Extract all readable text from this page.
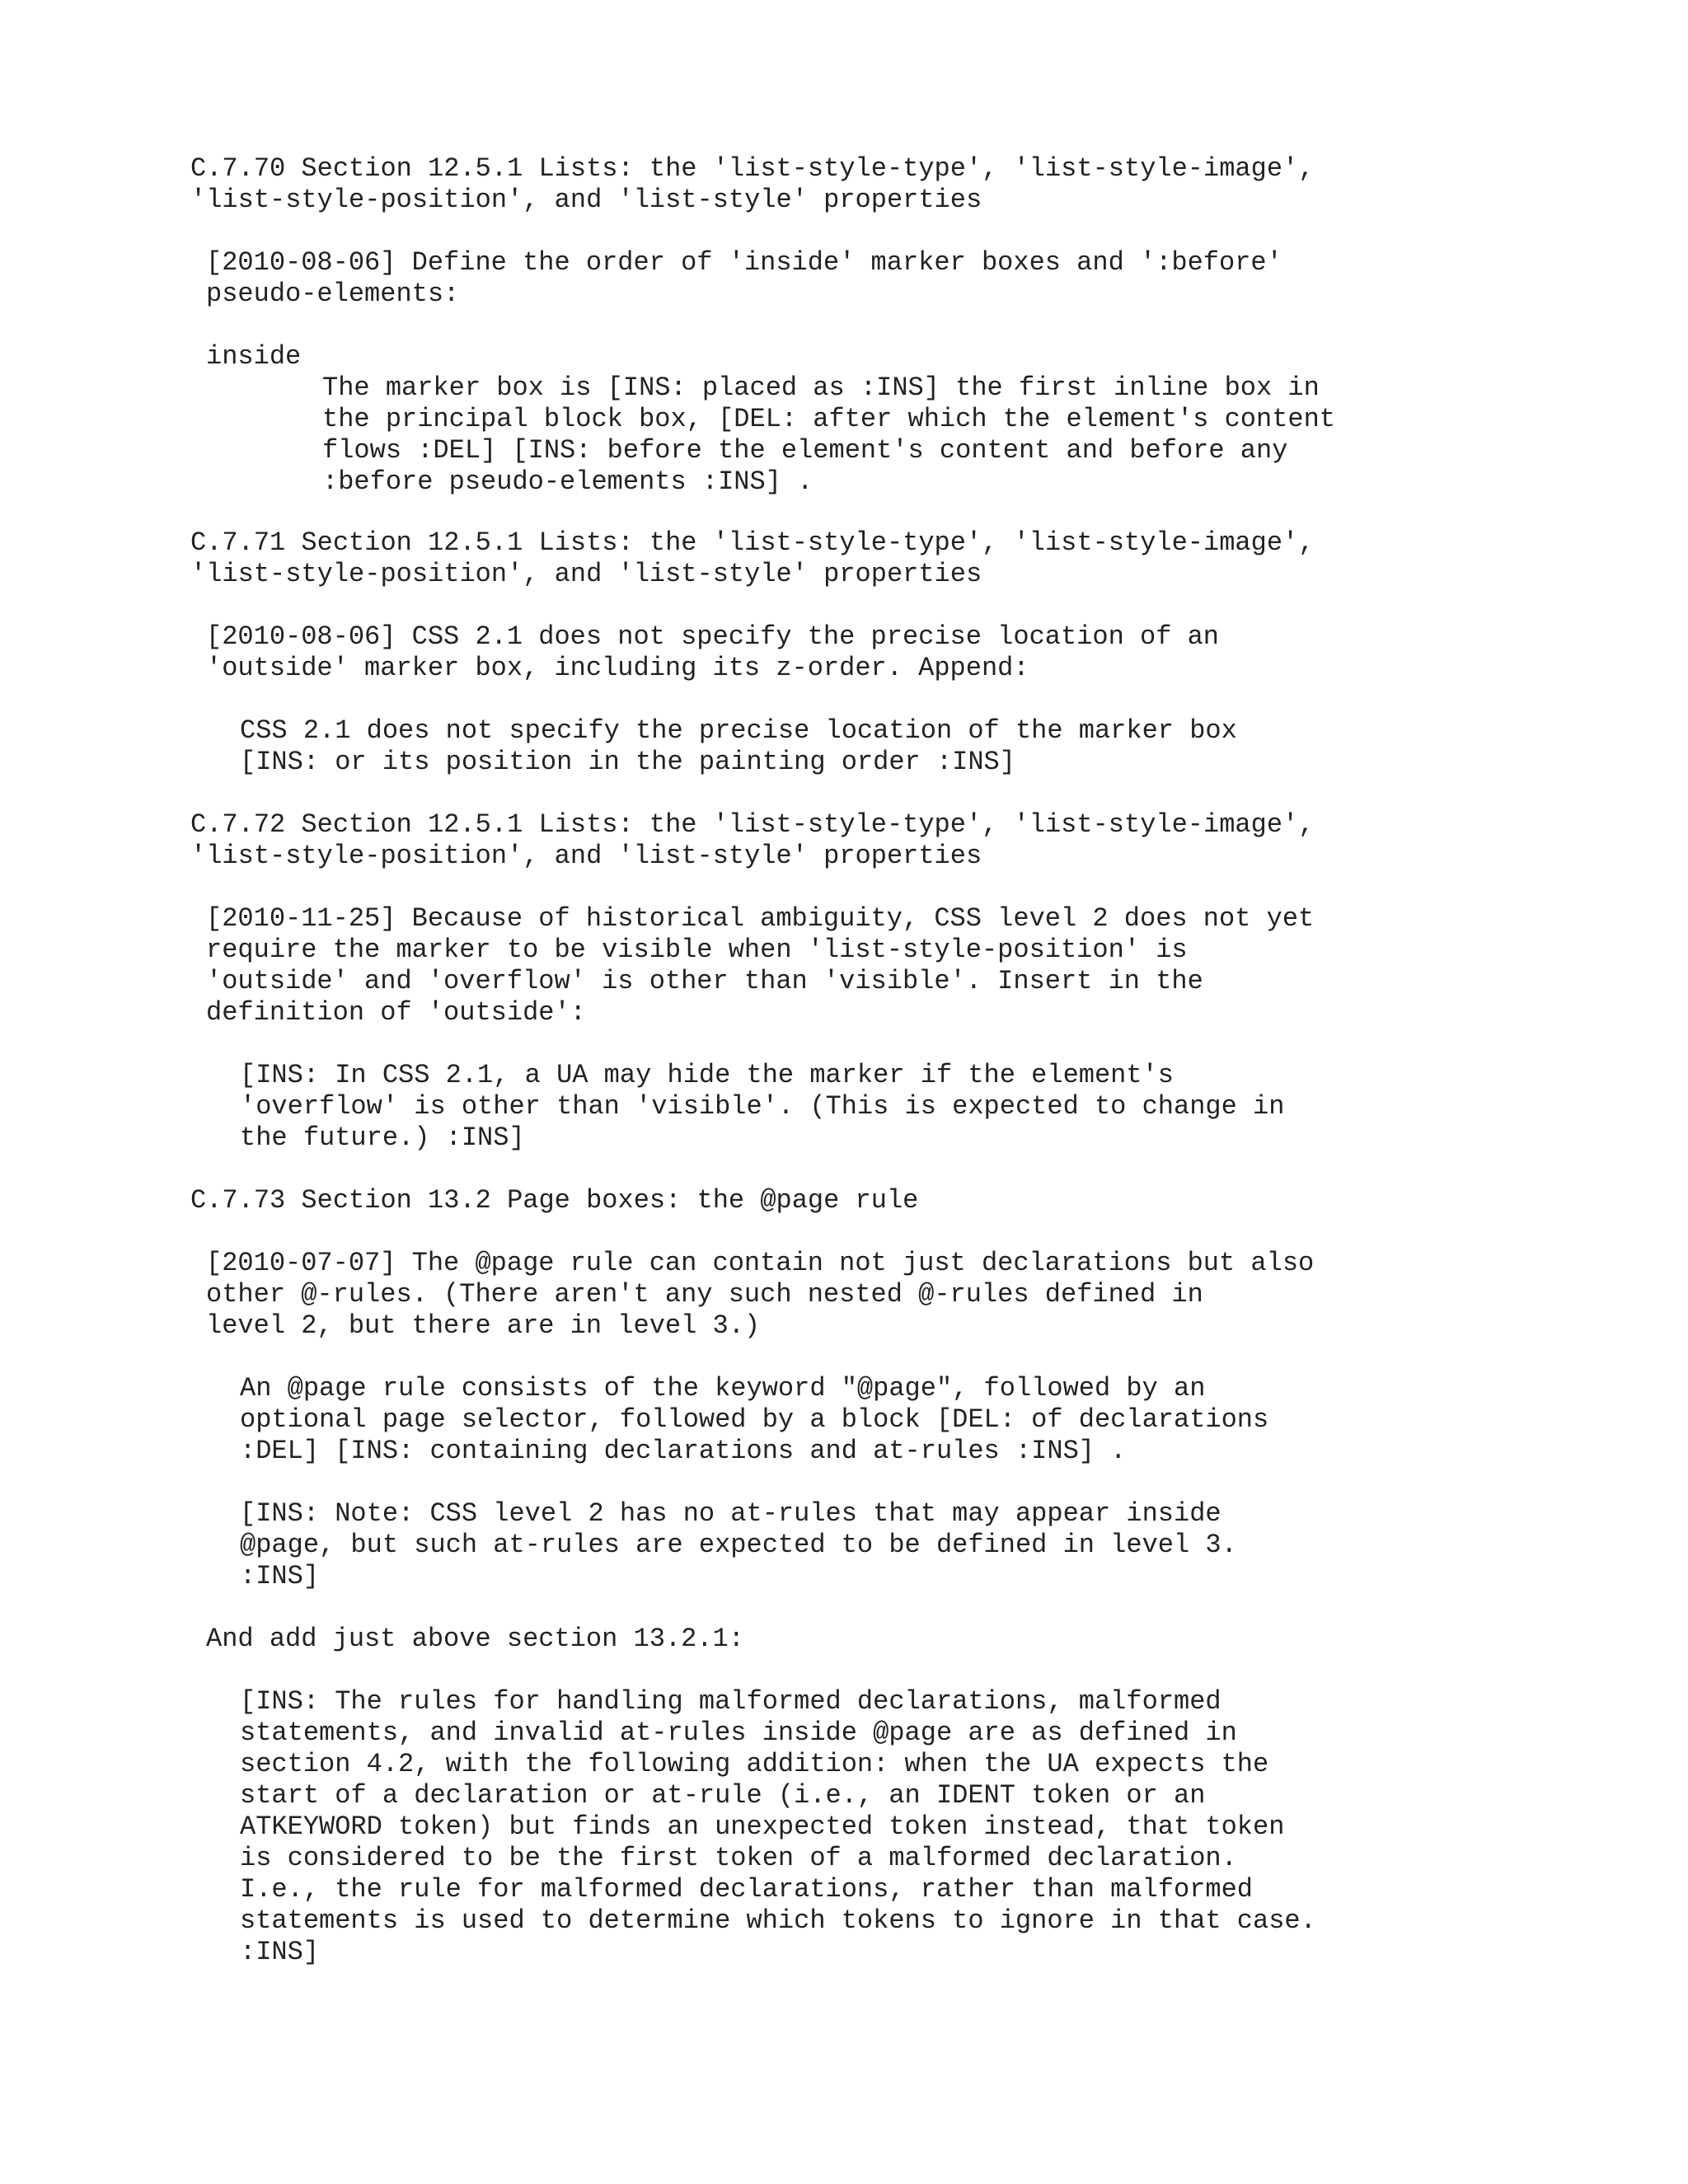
C.7.70 Section 12.5.1 Lists: the 'list-style-type', 'list-style-image',

'list-style-position', and 'list-style' properties

[2010-08-06] Define the order of 'inside' marker boxes and ':before'

pseudo-elements:

inside

The marker box is [INS: placed as :INS] the first inline box in

the principal block box, [DEL: after which the element's content

flows :DEL] [INS: before the element's content and before any

:before pseudo-elements :INS] .

C.7.71 Section 12.5.1 Lists: the 'list-style-type', 'list-style-image',

'list-style-position', and 'list-style' properties

[2010-08-06] CSS 2.1 does not specify the precise location of an

'outside' marker box, including its z-order. Append:

CSS 2.1 does not specify the precise location of the marker box

[INS: or its position in the painting order :INS]

C.7.72 Section 12.5.1 Lists: the 'list-style-type', 'list-style-image',

'list-style-position', and 'list-style' properties

[2010-11-25] Because of historical ambiguity, CSS level 2 does not yet

require the marker to be visible when 'list-style-position' is

'outside' and 'overflow' is other than 'visible'. Insert in the

definition of 'outside':

[INS: In CSS 2.1, a UA may hide the marker if the element's

'overflow' is other than 'visible'. (This is expected to change in

the future.) :INS]

C.7.73 Section 13.2 Page boxes: the @page rule

[2010-07-07] The @page rule can contain not just declarations but also

other @-rules. (There aren't any such nested @-rules defined in

level 2, but there are in level 3.)

An @page rule consists of the keyword "@page", followed by an

optional page selector, followed by a block [DEL: of declarations

:DEL] [INS: containing declarations and at-rules :INS] .

[INS: Note: CSS level 2 has no at-rules that may appear inside

@page, but such at-rules are expected to be defined in level 3.

:INS]

And add just above section 13.2.1:

[INS: The rules for handling malformed declarations, malformed

statements, and invalid at-rules inside @page are as defined in

section 4.2, with the following addition: when the UA expects the

start of a declaration or at-rule (i.e., an IDENT token or an

ATKEYWORD token) but finds an unexpected token instead, that token

is considered to be the first token of a malformed declaration.

I.e., the rule for malformed declarations, rather than malformed

statements is used to determine which tokens to ignore in that case.

:INS]
